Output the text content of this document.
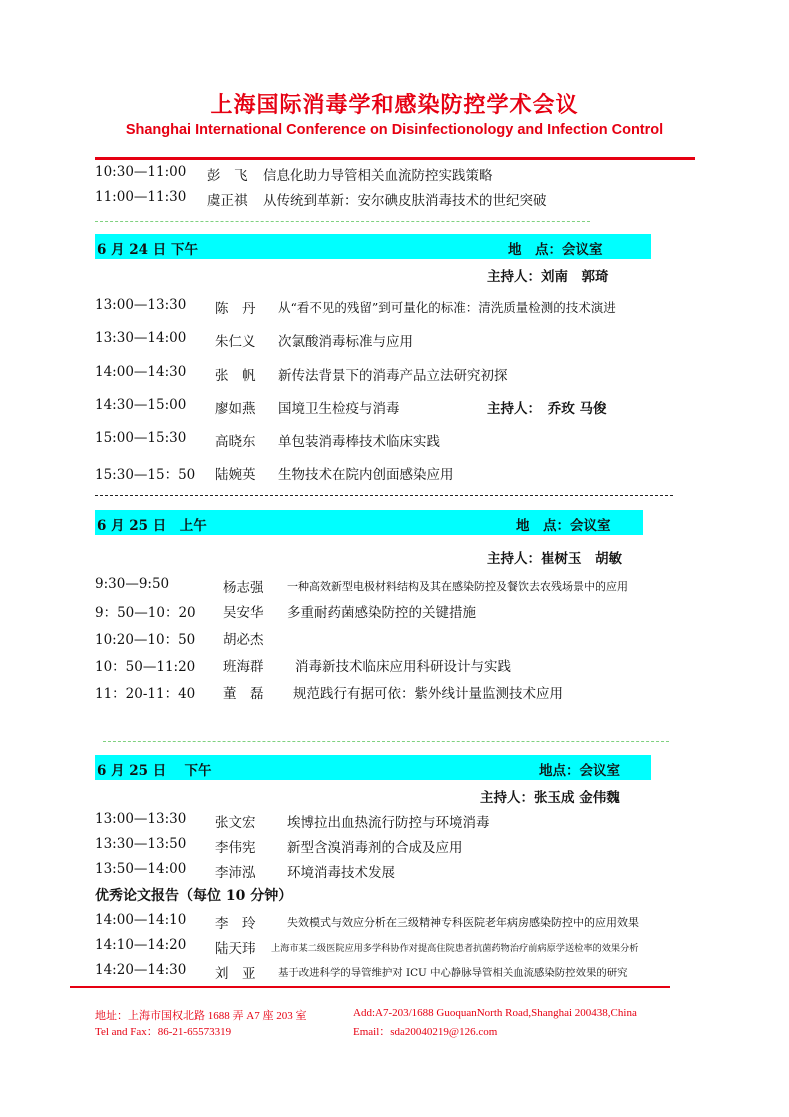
上海国际消毒学和感染防控学术会议
Shanghai International Conference on Disinfectionology and Infection Control
10:30—11:00 彭　飞 信息化助力导管相关血流防控实践策略
11:00—11:30 虞正祺 从传统到革新：安尔碘皮肤消毒技术的世纪突破
6 月 24 日 下午	地　点：会议室
主持人：刘南　郭琦
13:00—13:30 陈　丹 从“看不见的残留”到可量化的标准：清洗质量检测的技术演进
13:30—14:00 朱仁义 次氯酸消毒标准与应用
14:00—14:30 张　帆 新传法背景下的消毒产品立法研究初探
14:30—15:00 廖如燕 国境卫生检疫与消毒	主持人：　乔玫 马俊
15:00—15:30 高晓东 单包装消毒棒技术临床实践
15:30—15：50 陆婉英 生物技术在院内创面感染应用
6 月 25 日　上午	地　点：会议室
主持人：崔树玉　胡敏
9:30—9:50	杨志强 一种高效新型电极材料结构及其在感染防控及餐饮去农残场景中的应用
9：50—10：20 吴安华 多重耐药菌感染防控的关键措施
10:20—10：50 胡必杰
10：50—11:20 班海群 消毒新技术临床应用科研设计与实践
11：20-11：40 董　磊 规范践行有据可依：紫外线计量监测技术应用
6 月 25 日　 下午	地点：会议室
主持人：张玉成 金伟魏
13:00—13:30 张文宏 埃博拉出血热流行防控与环境消毒
13:30—13:50 李伟宪 新型含溴消毒剂的合成及应用
13:50—14:00 李沛泓 环境消毒技术发展
优秀论文报告（每位 10 分钟）
14:00—14:10 李　玲	失效模式与效应分析在三级精神专科医院老年病房感染防控中的应用效果
14:10—14:20 陆天玮 上海市某二级医院应用多学科协作对提高住院患者抗菌药物治疗前病原学送检率的效果分析
14:20—14:30 刘　亚 基于改进科学的导管维护对 ICU 中心静脉导管相关血流感染防控效果的研究
地址：上海市国权北路 1688 弄 A7 座 203 室	Add:A7-203/1688 GuoquanNorth Road,Shanghai 200438,China
Tel and Fax：86-21-65573319	Email：sda20040219@126.com
